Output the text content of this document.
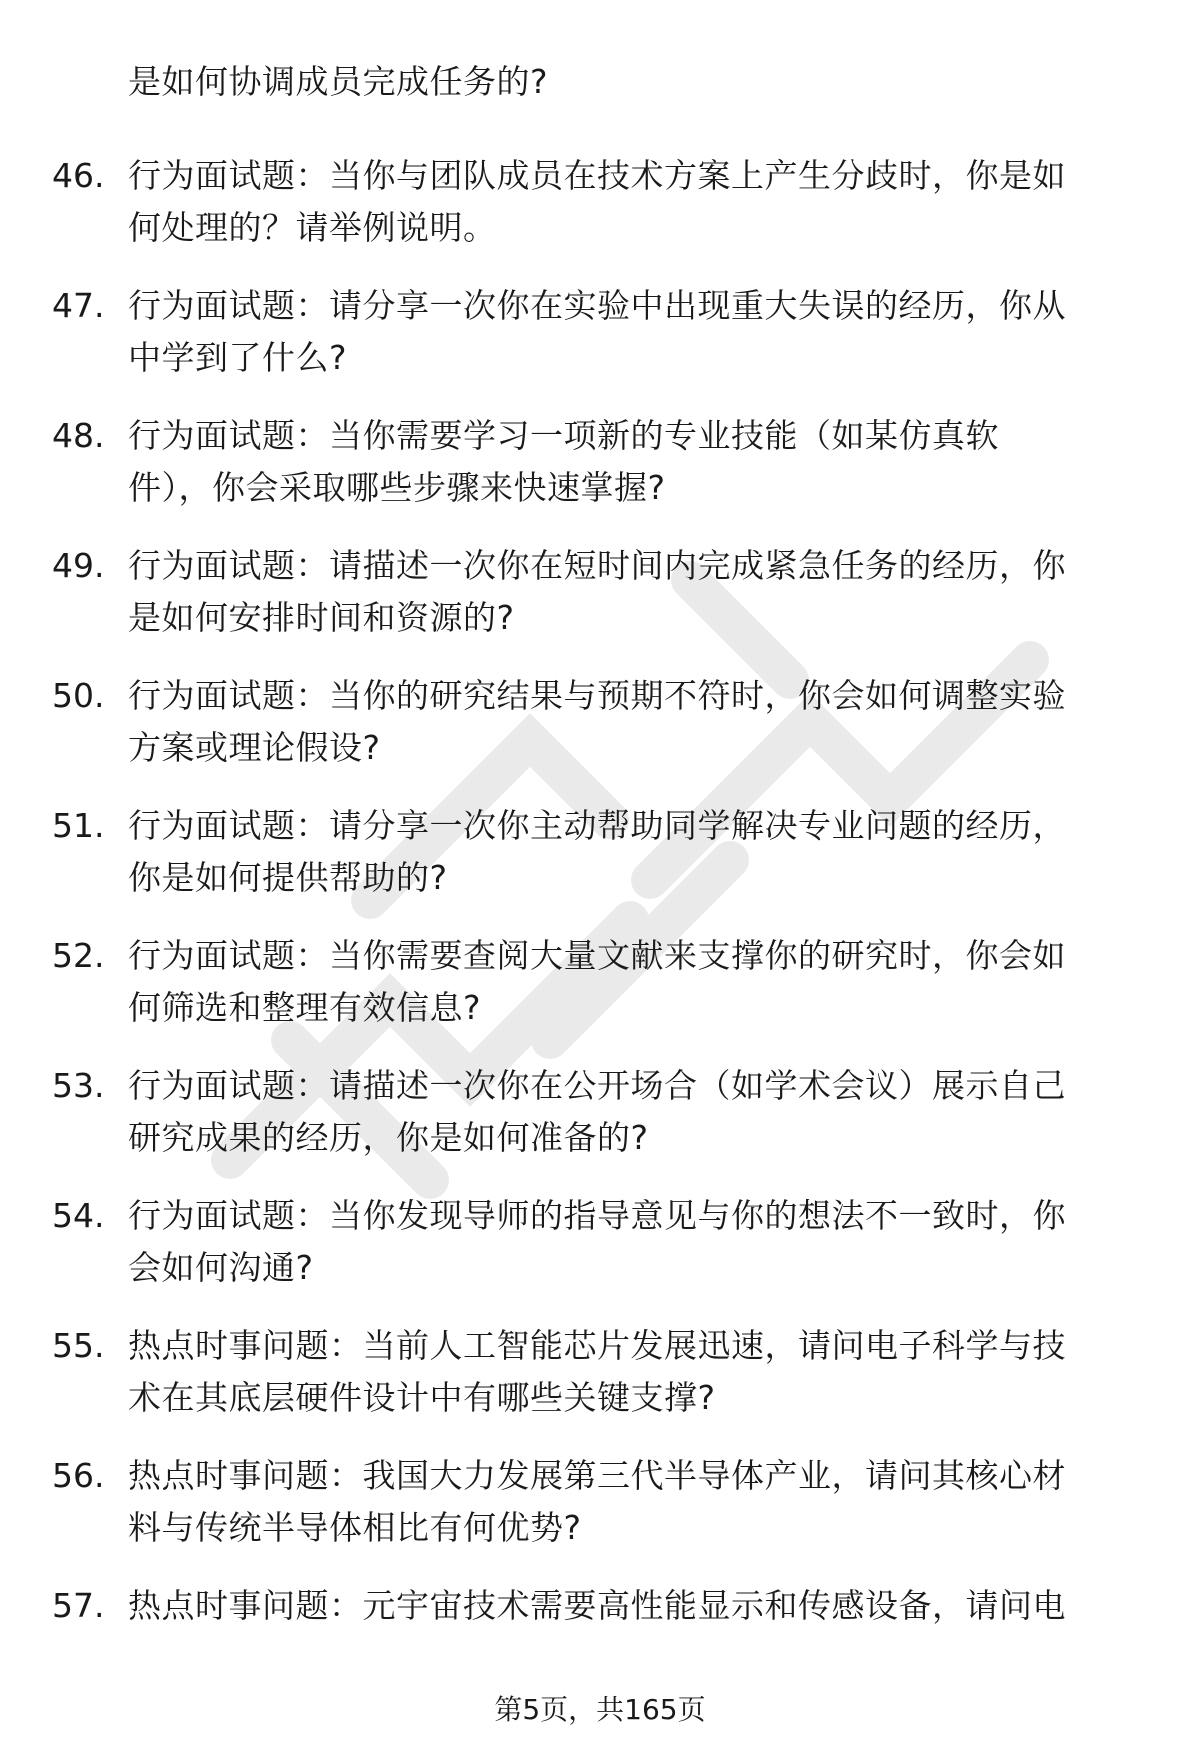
是如何协调成员完成任务的?
46. 行为面试题：当你与团队成员在技术方案上产生分歧时，你是如
何处理的？请举例说明。
47. 行为面试题：请分享一次你在实验中出现重大失误的经历，你从
中学到了什么?
48. 行为面试题：当你需要学习一项新的专业技能（如某仿真软
件），你会采取哪些步骤来快速掌握?
49. 行为面试题：请描述一次你在短时间内完成紧急任务的经历，你
是如何安排时间和资源的?
50. 行为面试题：当你的研究结果与预期不符时，你会如何调整实验
方案或理论假设?
51. 行为面试题：请分享一次你主动帮助同学解决专业问题的经历，
你是如何提供帮助的?
52. 行为面试题：当你需要查阅大量文献来支撑你的研究时，你会如
何筛选和整理有效信息?
53. 行为面试题：请描述一次你在公开场合（如学术会议）展示自己
研究成果的经历，你是如何准备的?
54. 行为面试题：当你发现导师的指导意见与你的想法不一致时，你
会如何沟通?
55. 热点时事问题：当前人工智能芯片发展迅速，请问电子科学与技
术在其底层硬件设计中有哪些关键支撑?
56. 热点时事问题：我国大力发展第三代半导体产业，请问其核心材
料与传统半导体相比有何优势?
57. 热点时事问题：元宇宙技术需要高性能显示和传感设备，请问电
第5页，共165页
